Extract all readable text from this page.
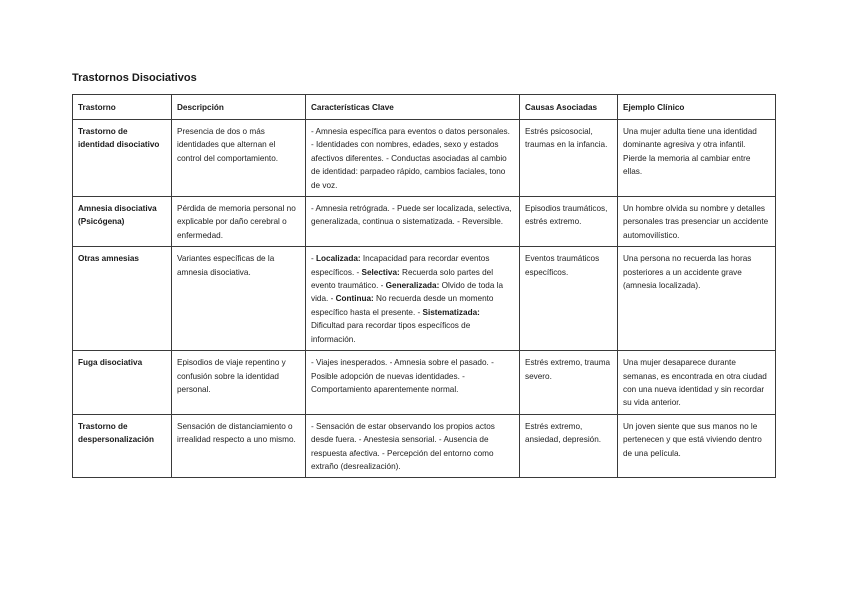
Trastornos Disociativos
Trastorno	Descripción	Características Clave	Causas Asociadas	Ejemplo Clínico
Trastorno de identidad disociativo	Presencia de dos o más identidades que alternan el control del comportamiento.	- Amnesia específica para eventos o datos personales. - Identidades con nombres, edades, sexo y estados afectivos diferentes. - Conductas asociadas al cambio de identidad: parpadeo rápido, cambios faciales, tono de voz.	Estrés psicosocial, traumas en la infancia.	Una mujer adulta tiene una identidad dominante agresiva y otra infantil. Pierde la memoria al cambiar entre ellas.
Amnesia disociativa (Psicógena)	Pérdida de memoria personal no explicable por daño cerebral o enfermedad.	- Amnesia retrógrada. - Puede ser localizada, selectiva, generalizada, continua o sistematizada. - Reversible.	Episodios traumáticos, estrés extremo.	Un hombre olvida su nombre y detalles personales tras presenciar un accidente automovilístico.
Otras amnesias	Variantes específicas de la amnesia disociativa.	- Localizada: Incapacidad para recordar eventos específicos. - Selectiva: Recuerda solo partes del evento traumático. - Generalizada: Olvido de toda la vida. - Continua: No recuerda desde un momento específico hasta el presente. - Sistematizada: Dificultad para recordar tipos específicos de información.	Eventos traumáticos específicos.	Una persona no recuerda las horas posteriores a un accidente grave (amnesia localizada).
Fuga disociativa	Episodios de viaje repentino y confusión sobre la identidad personal.	- Viajes inesperados. - Amnesia sobre el pasado. - Posible adopción de nuevas identidades. - Comportamiento aparentemente normal.	Estrés extremo, trauma severo.	Una mujer desaparece durante semanas, es encontrada en otra ciudad con una nueva identidad y sin recordar su vida anterior.
Trastorno de despersonalización	Sensación de distanciamiento o irrealidad respecto a uno mismo.	- Sensación de estar observando los propios actos desde fuera. - Anestesia sensorial. - Ausencia de respuesta afectiva. - Percepción del entorno como extraño (desrealización).	Estrés extremo, ansiedad, depresión.	Un joven siente que sus manos no le pertenecen y que está viviendo dentro de una película.
